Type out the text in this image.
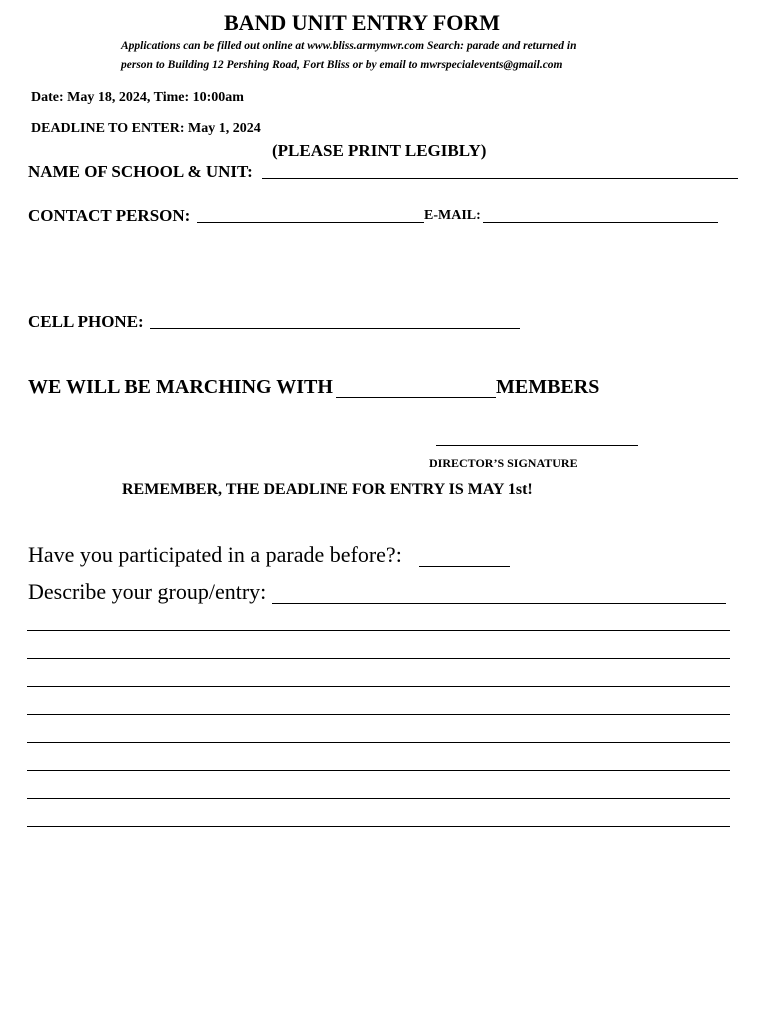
BAND UNIT ENTRY FORM
Applications can be filled out online at www.bliss.armymwr.com Search: parade and returned in
person to Building 12 Pershing Road, Fort Bliss or by email to mwrspecialevents@gmail.com
Date: May 18, 2024, Time: 10:00am
DEADLINE TO ENTER: May 1, 2024
(PLEASE PRINT LEGIBLY)
NAME OF SCHOOL & UNIT:
CONTACT PERSON:	E-MAIL:
CELL PHONE:
WE WILL BE MARCHING WITH	MEMBERS
DIRECTOR’S SIGNATURE
REMEMBER, THE DEADLINE FOR ENTRY IS MAY 1st!
Have you participated in a parade before?:
Describe your group/entry:
